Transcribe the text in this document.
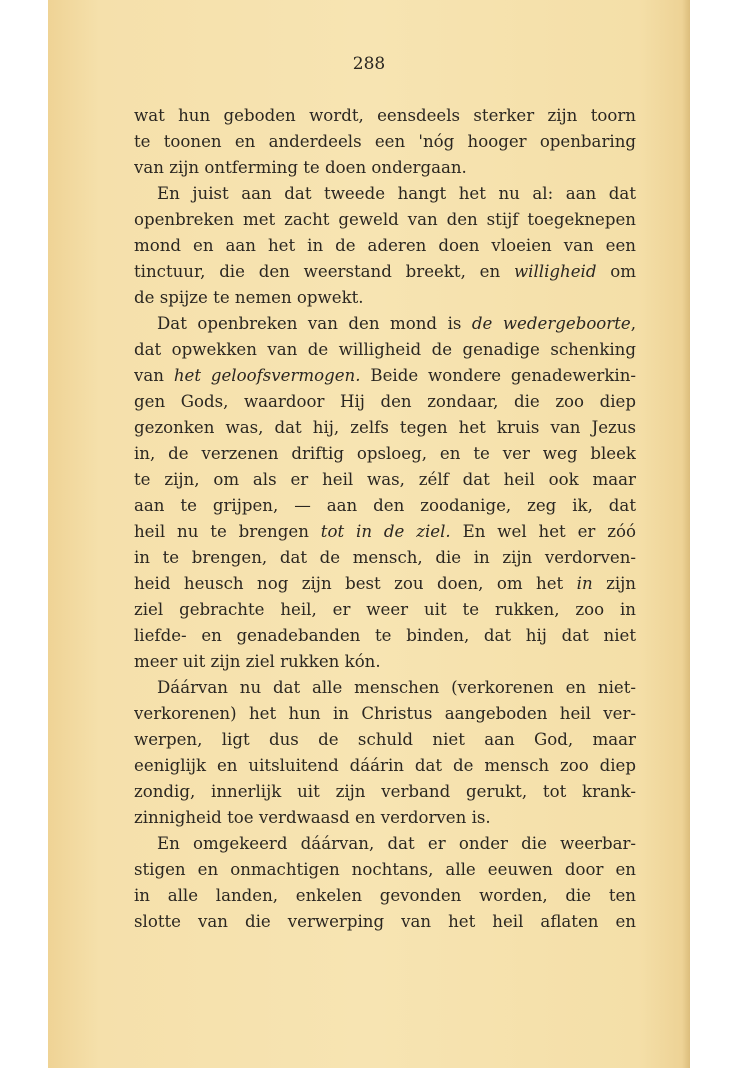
288
wat hun geboden wordt, eensdeels sterker zijn toorn
te toonen en anderdeels een 'nóg hooger openbaring
van zijn ontferming te doen ondergaan.
En juist aan dat tweede hangt het nu al: aan dat
openbreken met zacht geweld van den stijf toegeknepen
mond en aan het in de aderen doen vloeien van een
tinctuur, die den weerstand breekt, en willigheid om
de spijze te nemen opwekt.
Dat openbreken van den mond is de wedergeboorte,
dat opwekken van de willigheid de genadige schenking
van het geloofsvermogen. Beide wondere genadewerkin-
gen Gods, waardoor Hij den zondaar, die zoo diep
gezonken was, dat hij, zelfs tegen het kruis van Jezus
in, de verzenen driftig opsloeg, en te ver weg bleek
te zijn, om als er heil was, zélf dat heil ook maar
aan te grijpen, — aan den zoodanige, zeg ik, dat
heil nu te brengen tot in de ziel. En wel het er zóó
in te brengen, dat de mensch, die in zijn verdorven-
heid heusch nog zijn best zou doen, om het in zijn
ziel gebrachte heil, er weer uit te rukken, zoo in
liefde- en genadebanden te binden, dat hij dat niet
meer uit zijn ziel rukken kón.
Dáárvan nu dat alle menschen (verkorenen en niet-
verkorenen) het hun in Christus aangeboden heil ver-
werpen, ligt dus de schuld niet aan God, maar
eeniglijk en uitsluitend dáárin dat de mensch zoo diep
zondig, innerlijk uit zijn verband gerukt, tot krank-
zinnigheid toe verdwaasd en verdorven is.
En omgekeerd dáárvan, dat er onder die weerbar-
stigen en onmachtigen nochtans, alle eeuwen door en
in alle landen, enkelen gevonden worden, die ten
slotte van die verwerping van het heil aflaten en
